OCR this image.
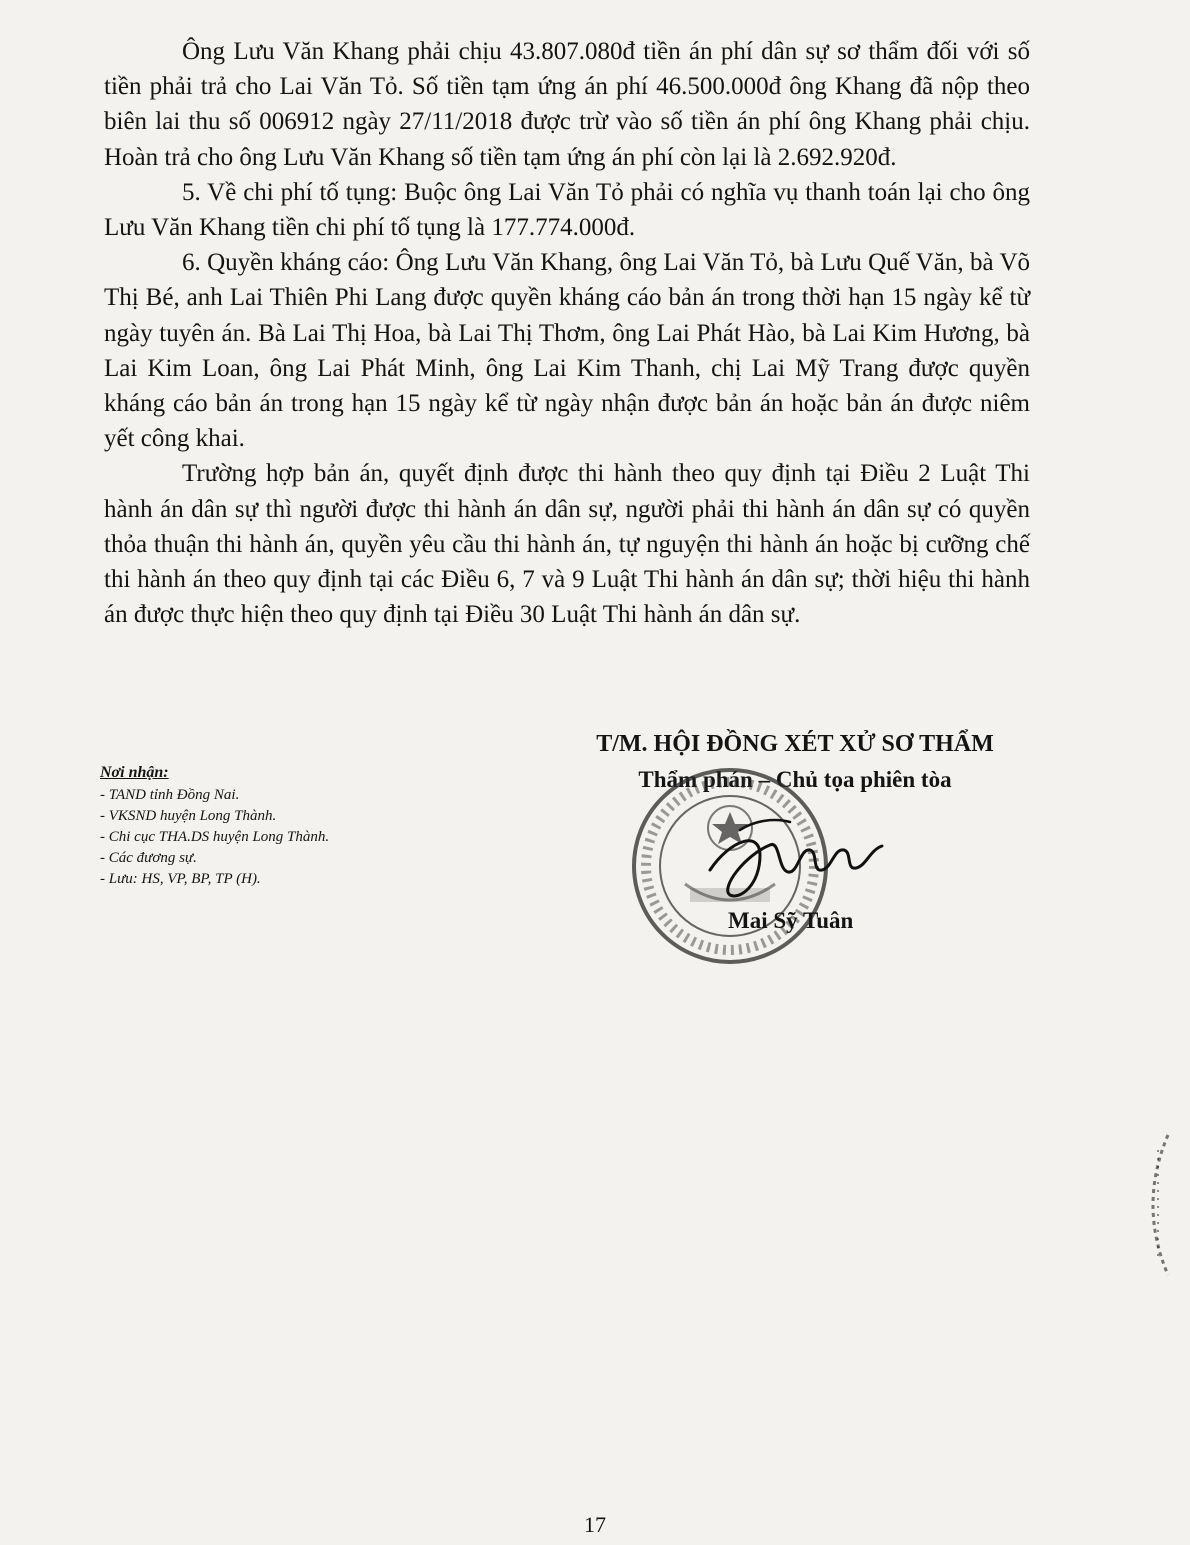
Ông Lưu Văn Khang phải chịu 43.807.080đ tiền án phí dân sự sơ thẩm đối với số tiền phải trả cho Lai Văn Tỏ. Số tiền tạm ứng án phí 46.500.000đ ông Khang đã nộp theo biên lai thu số 006912 ngày 27/11/2018 được trừ vào số tiền án phí ông Khang phải chịu. Hoàn trả cho ông Lưu Văn Khang số tiền tạm ứng án phí còn lại là 2.692.920đ.

5. Về chi phí tố tụng: Buộc ông Lai Văn Tỏ phải có nghĩa vụ thanh toán lại cho ông Lưu Văn Khang tiền chi phí tố tụng là 177.774.000đ.

6. Quyền kháng cáo: Ông Lưu Văn Khang, ông Lai Văn Tỏ, bà Lưu Quế Văn, bà Võ Thị Bé, anh Lai Thiên Phi Lang được quyền kháng cáo bản án trong thời hạn 15 ngày kể từ ngày tuyên án. Bà Lai Thị Hoa, bà Lai Thị Thơm, ông Lai Phát Hào, bà Lai Kim Hương, bà Lai Kim Loan, ông Lai Phát Minh, ông Lai Kim Thanh, chị Lai Mỹ Trang được quyền kháng cáo bản án trong hạn 15 ngày kể từ ngày nhận được bản án hoặc bản án được niêm yết công khai.

Trường hợp bản án, quyết định được thi hành theo quy định tại Điều 2 Luật Thi hành án dân sự thì người được thi hành án dân sự, người phải thi hành án dân sự có quyền thỏa thuận thi hành án, quyền yêu cầu thi hành án, tự nguyện thi hành án hoặc bị cưỡng chế thi hành án theo quy định tại các Điều 6, 7 và 9 Luật Thi hành án dân sự; thời hiệu thi hành án được thực hiện theo quy định tại Điều 30 Luật Thi hành án dân sự.

Nơi nhận:
- TAND tỉnh Đồng Nai.
- VKSND huyện Long Thành.
- Chi cục THA.DS huyện Long Thành.
- Các đương sự.
- Lưu: HS, VP, BP, TP (H).
T/M. HỘI ĐỒNG XÉT XỬ SƠ THẨM
Thẩm phán – Chủ tọa phiên tòa
Mai Sỹ Tuân
17
